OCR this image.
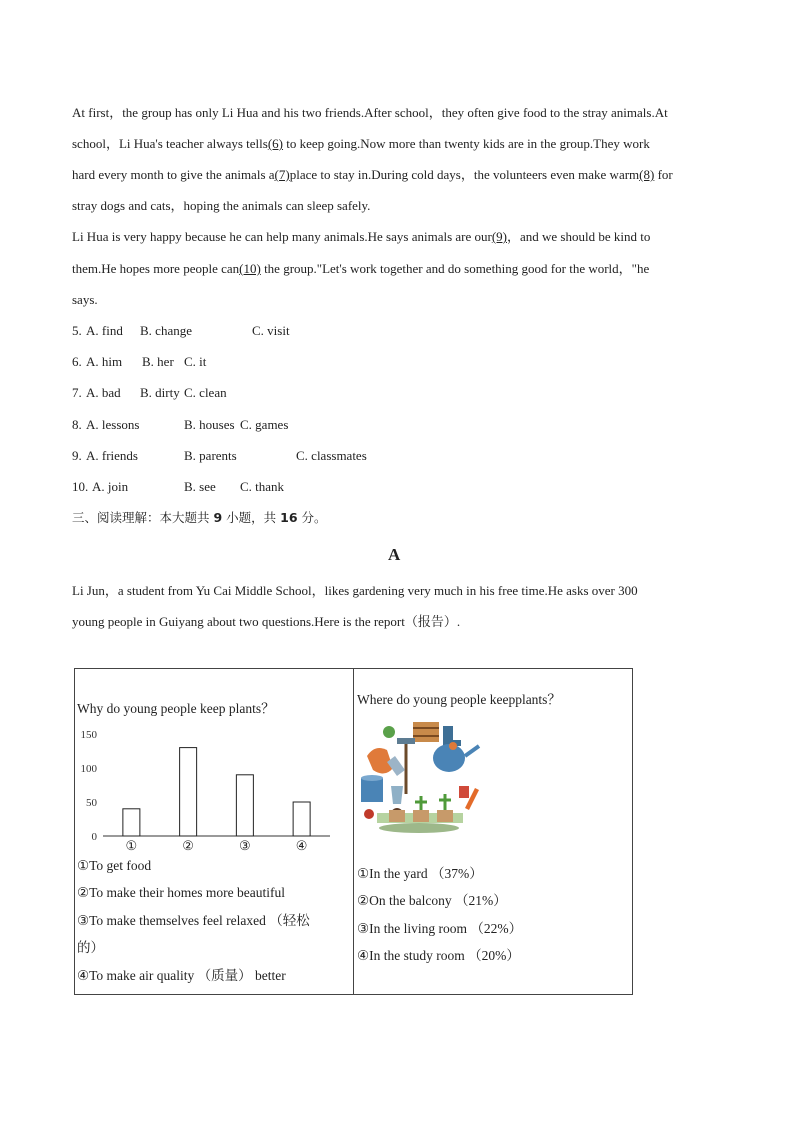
At first，the group has only Li Hua and his two friends.After school，they often give food to the stray animals.At
school，Li Hua's teacher always tells(6) to keep going.Now more than twenty kids are in the group.They work
hard every month to give the animals a(7)place to stay in.During cold days，the volunteers even make warm(8) for
stray dogs and cats，hoping the animals can sleep safely.
Li Hua is very happy because he can help many animals.He says animals are our(9)，and we should be kind to
them.He hopes more people can(10) the group."Let's work together and do something good for the world，"he
says.
5. A. find B. change	C. visit
6. A. him B. her C. it
7. A. bad B. dirty C. clean
8. A. lessons	B. houses C. games
9. A. friends	B. parents	C. classmates
10. A. join	B. see C. thank
三、阅读理解：本大题共 9 小题，共 16 分。
A
Li Jun，a student from Yu Cai Middle School，likes gardening very much in his free time.He asks over 300
young people in Guiyang about two questions.Here is the report（报告）.
Why do young people keep plants？
0
50
100
150
①	②	③	④
①To get food
②To make their homes more beautiful
③To make themselves feel relaxed （轻松
的）
④To make air quality （质量） better
Where do young people keepplants？
①In the yard （37%）
②On the balcony （21%）
③In the living room （22%）
④In the study room （20%）
